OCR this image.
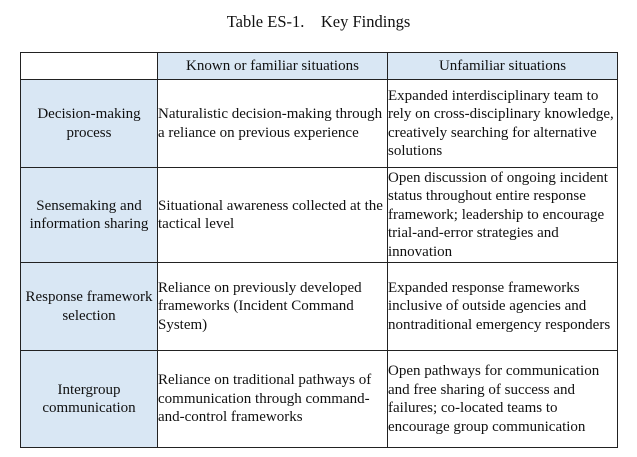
Table ES-1.    Key Findings
	Known or familiar situations	Unfamiliar situations
Decision-making process	Naturalistic decision-making through a reliance on previous experience	Expanded interdisciplinary team to rely on cross-disciplinary knowledge, creatively searching for alternative solutions
Sensemaking and information sharing	Situational awareness collected at the tactical level	Open discussion of ongoing incident status throughout entire response framework; leadership to encourage trial-and-error strategies and innovation
Response framework selection	Reliance on previously developed frameworks (Incident Command System)	Expanded response frameworks inclusive of outside agencies and nontraditional emergency responders
Intergroup communication	Reliance on traditional pathways of communication through command-and-control frameworks	Open pathways for communication and free sharing of success and failures; co-located teams to encourage group communication
